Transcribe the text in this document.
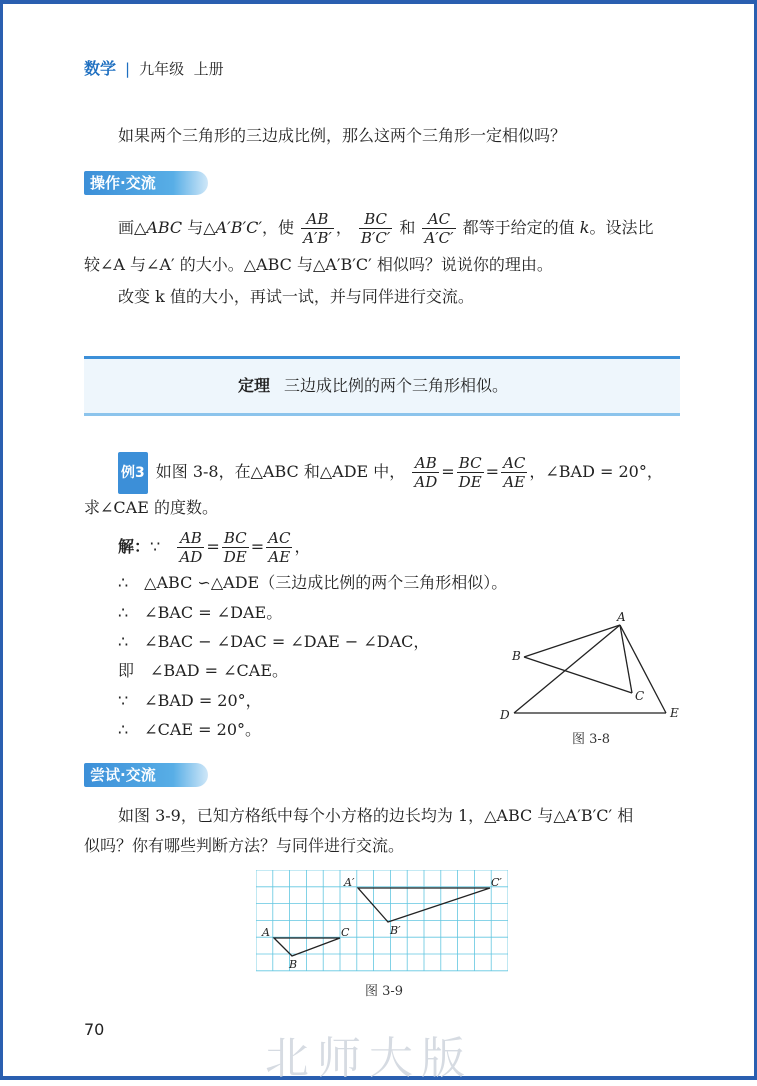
数学 | 九年级 上册
如果两个三角形的三边成比例，那么这两个三角形一定相似吗？
操作·交流
画△ABC 与△A′B′C′，使 $\frac{AB}{A'B'}$ ， $\frac{BC}{B'C'}$ 和 $\frac{AC}{A'C'}$ 都等于给定的值 k。设法比
较∠A 与∠A′ 的大小。△ABC 与△A′B′C′ 相似吗？说说你的理由。
改变 k 值的大小，再试一试，并与同伴进行交流。
定理 三边成比例的两个三角形相似。
例3 如图 3-8，在△ABC 和△ADE 中， $\frac{AB}{AD} = \frac{BC}{DE} = \frac{AC}{AE}$ ，∠BAD = 20°，
求∠CAE 的度数。
解：∵ $\frac{AB}{AD} = \frac{BC}{DE} = \frac{AC}{AE}$ ，
∴　△ABC ∽△ADE（三边成比例的两个三角形相似）。
∴　∠BAC = ∠DAE。
∴　∠BAC − ∠DAC = ∠DAE − ∠DAC，
即　∠BAD = ∠CAE。
∵　∠BAD = 20°，
∴　∠CAE = 20°。
A
B
C
D	E
图 3-8
尝试·交流
如图 3-9，已知方格纸中每个小方格的边长均为 1，△ABC 与△A′B′C′ 相
似吗？你有哪些判断方法？与同伴进行交流。
A
B
C
A′
B′
C′
图 3-9
70
北师大版
